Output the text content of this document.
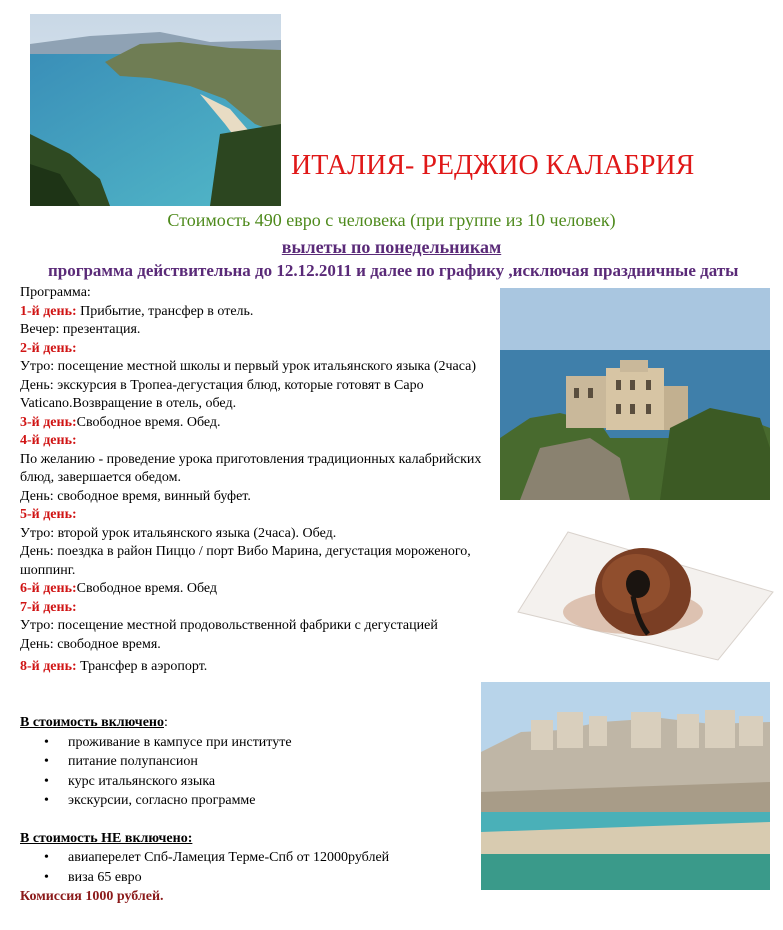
ИТАЛИЯ- РЕДЖИО КАЛАБРИЯ
Стоимость 490 евро с человека (при группе из 10 человек)
вылеты по понедельникам
программа действительна до 12.12.2011 и далее по графику ,исключая праздничные даты

Программа:

1-й день: Прибытие, трансфер в отель.

Вечер: презентация.

2-й день:

Утро: посещение местной школы и первый урок итальянского языка (2часа)

День: экскурсия в Тропеа-дегустация блюд, которые готовят в Capo Vaticano.Возвращение в отель, обед.

3-й день:Свободное время. Обед.

4-й день:

По желанию - проведение урока приготовления традиционных калабрийских блюд, завершается обедом.

День: свободное время, винный буфет.

5-й день:

Утро: второй урок итальянского языка (2часа). Обед.

День: поездка в район Пиццо / порт Вибо Марина, дегустация мороженого, шоппинг.

6-й день:Свободное время. Обед

7-й день:

Утро: посещение местной продовольственной фабрики с дегустацией

День: свободное время.

8-й день: Трансфер в аэропорт.

В стоимость включено:

• проживание в кампусе при институте
• питание полупансион
• курс итальянского языка
• экскурсии, согласно программе

В стоимость НЕ включено:

• авиаперелет Спб-Ламеция Терме-Спб от 12000рублей
• виза 65 евро

Комиссия 1000 рублей.
